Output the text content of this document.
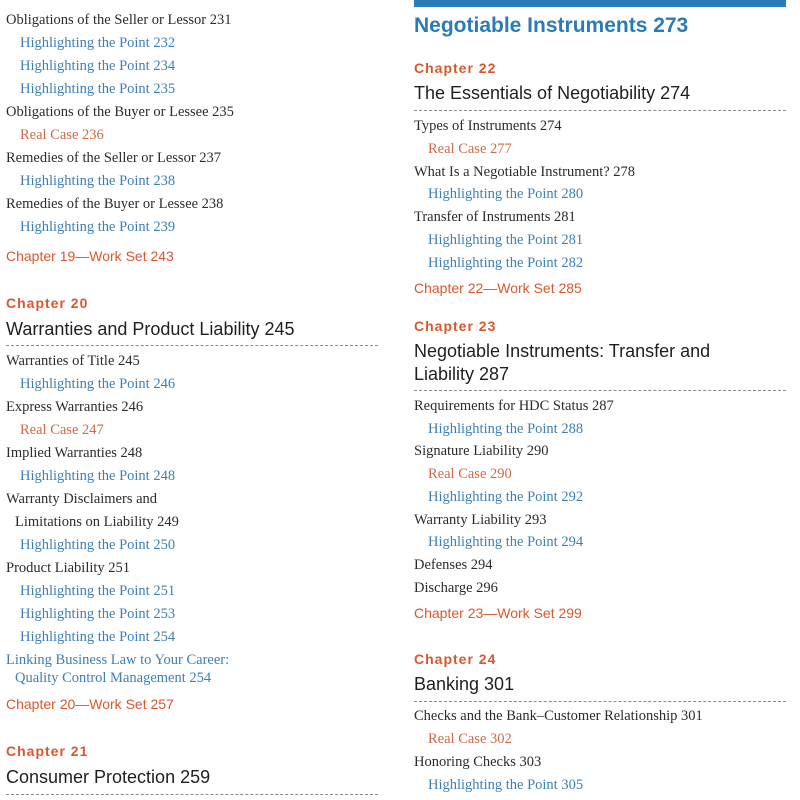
Obligations of the Seller or Lessor 231
Highlighting the Point 232
Highlighting the Point 234
Highlighting the Point 235
Obligations of the Buyer or Lessee 235
Real Case 236
Remedies of the Seller or Lessor 237
Highlighting the Point 238
Remedies of the Buyer or Lessee 238
Highlighting the Point 239
Chapter 19—Work Set 243
Chapter 20
Warranties and Product Liability 245
Warranties of Title 245
Highlighting the Point 246
Express Warranties 246
Real Case 247
Implied Warranties 248
Highlighting the Point 248
Warranty Disclaimers and
Limitations on Liability 249
Highlighting the Point 250
Product Liability 251
Highlighting the Point 251
Highlighting the Point 253
Highlighting the Point 254
Linking Business Law to Your Career:
Quality Control Management 254
Chapter 20—Work Set 257
Chapter 21
Consumer Protection 259
Negotiable Instruments 273
Chapter 22
The Essentials of Negotiability 274
Types of Instruments 274
Real Case 277
What Is a Negotiable Instrument? 278
Highlighting the Point 280
Transfer of Instruments 281
Highlighting the Point 281
Highlighting the Point 282
Chapter 22—Work Set 285
Chapter 23
Negotiable Instruments: Transfer and
Liability 287
Requirements for HDC Status 287
Highlighting the Point 288
Signature Liability 290
Real Case 290
Highlighting the Point 292
Warranty Liability 293
Highlighting the Point 294
Defenses 294
Discharge 296
Chapter 23—Work Set 299
Chapter 24
Banking 301
Checks and the Bank–Customer Relationship 301
Real Case 302
Honoring Checks 303
Highlighting the Point 305
